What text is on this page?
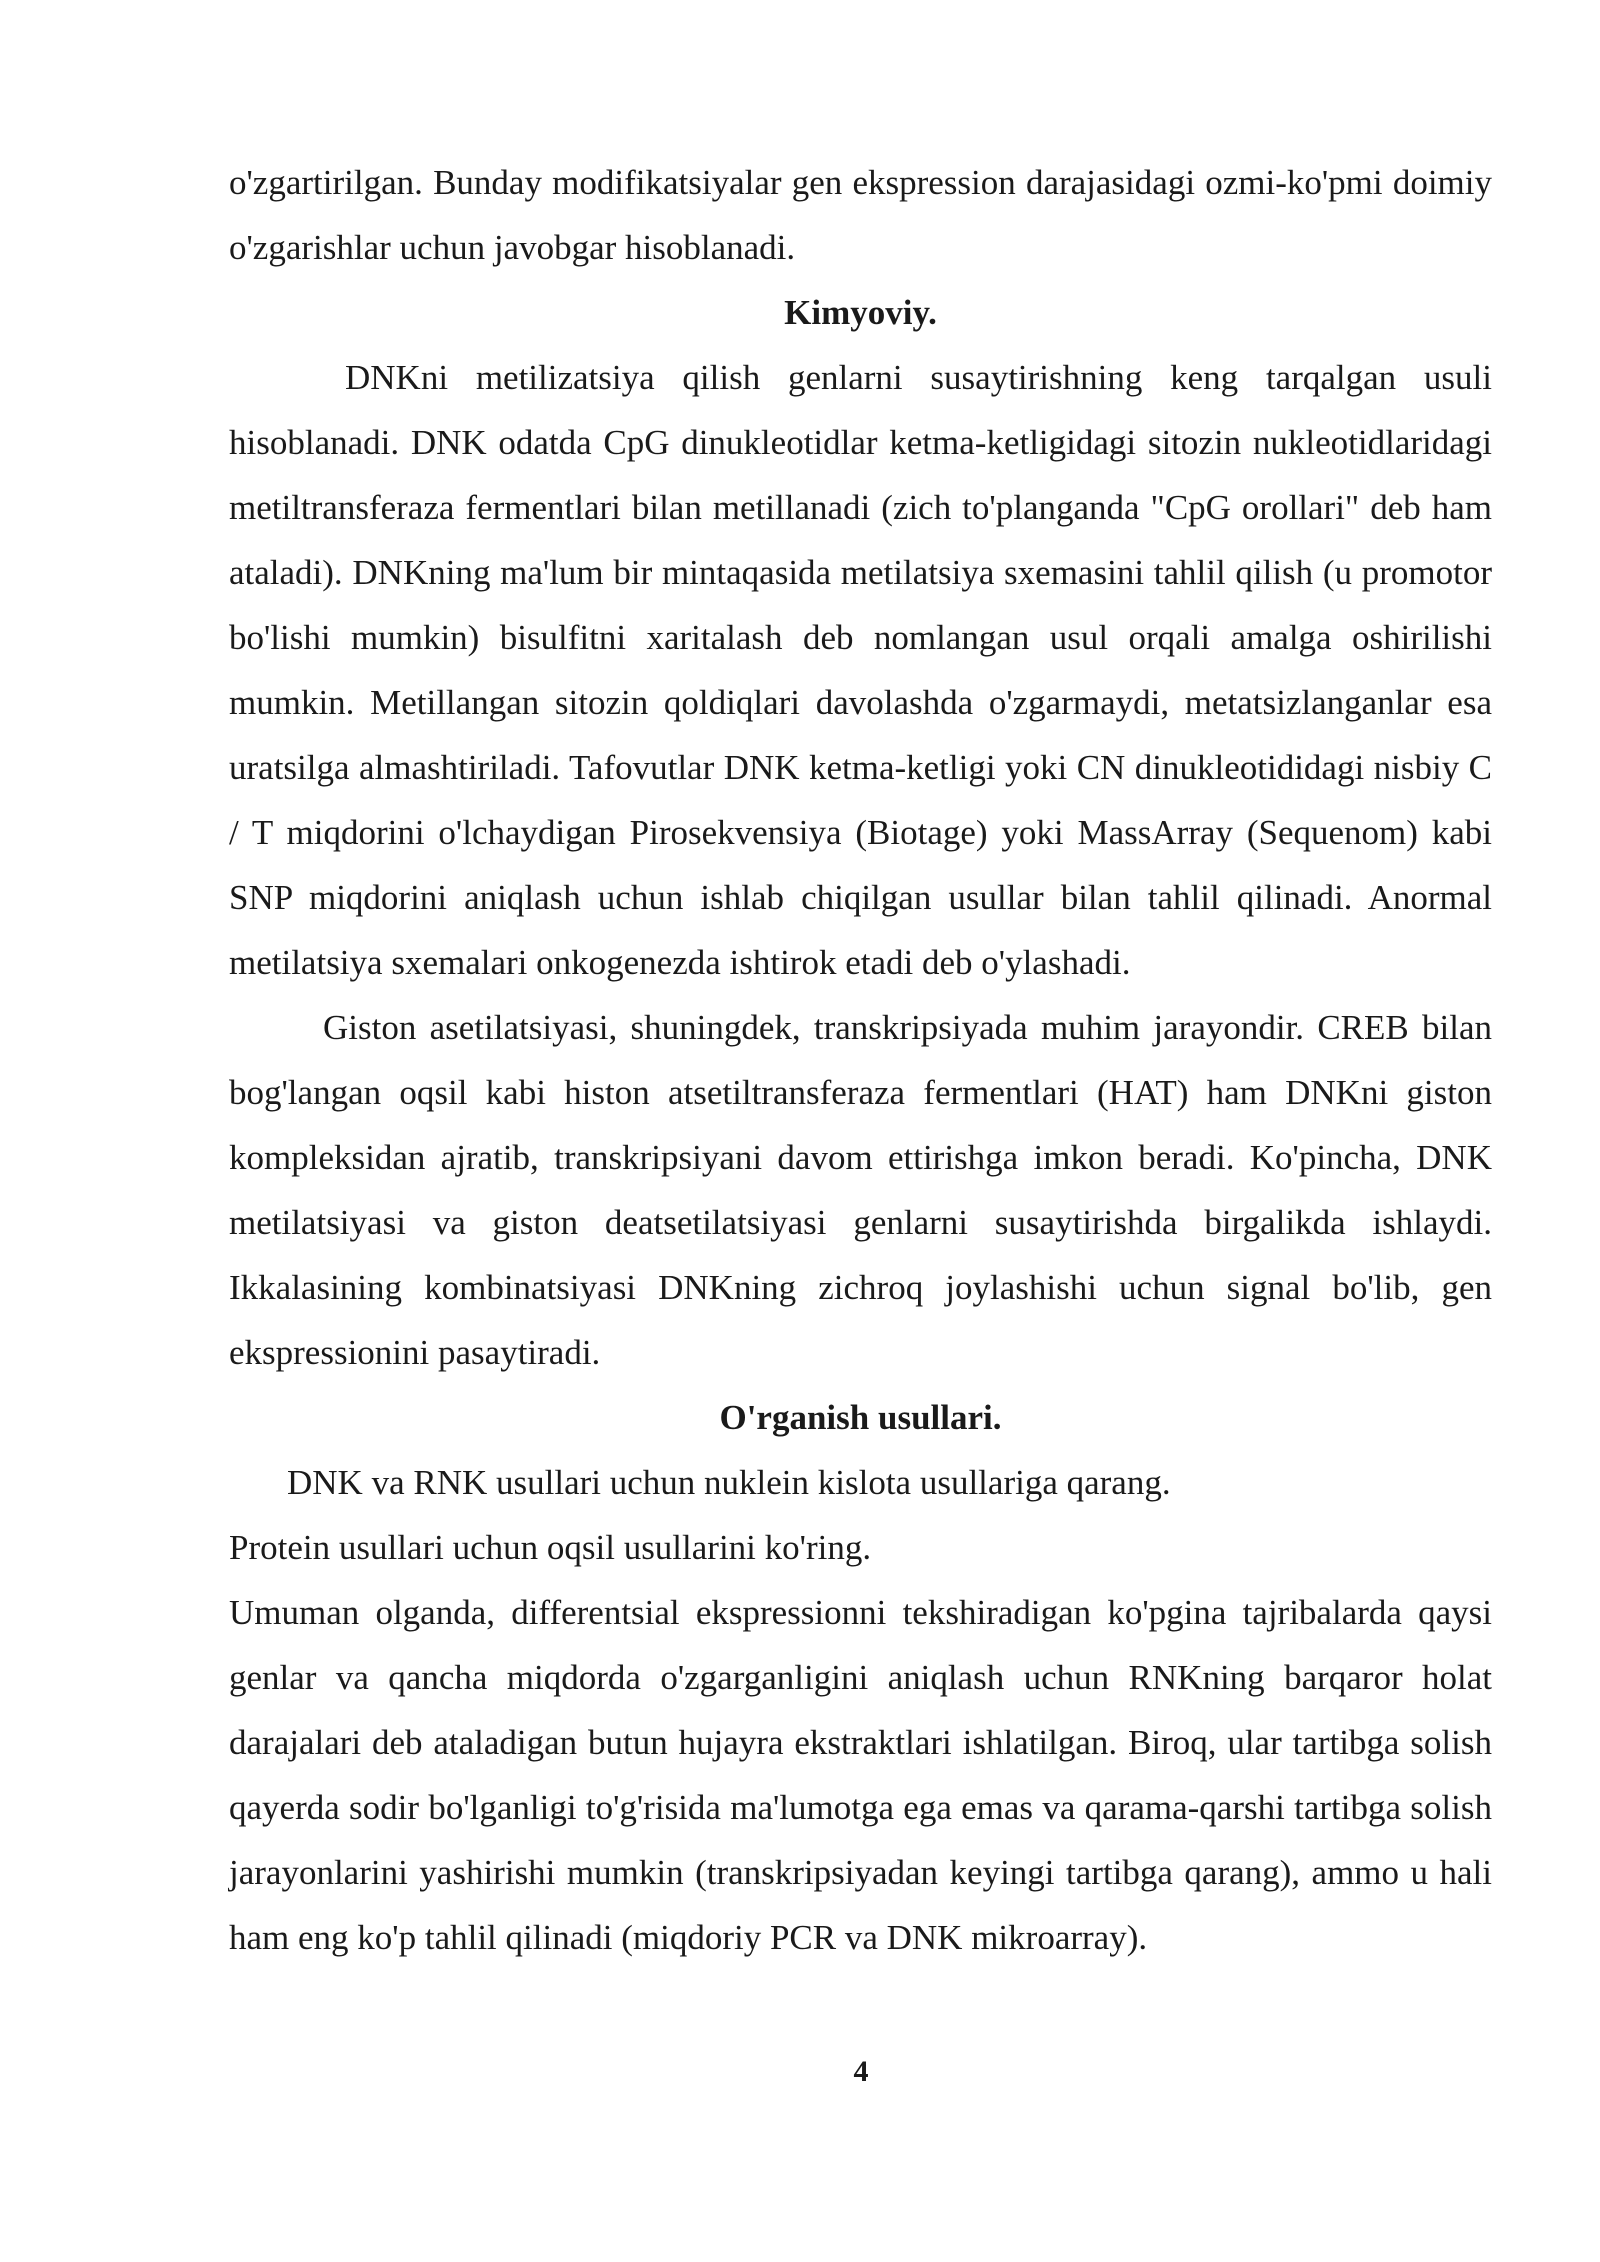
o'zgartirilgan. Bunday modifikatsiyalar gen ekspression darajasidagi ozmi-ko'pmi doimiy o'zgarishlar uchun javobgar hisoblanadi.

Kimyoviy.

DNKni metilizatsiya qilish genlarni susaytirishning keng tarqalgan usuli hisoblanadi. DNK odatda CpG dinukleotidlar ketma-ketligidagi sitozin nukleotidlaridagi metiltransferaza fermentlari bilan metillanadi (zich to'planganda "CpG orollari" deb ham ataladi). DNKning ma'lum bir mintaqasida metilatsiya sxemasini tahlil qilish (u promotor bo'lishi mumkin) bisulfitni xaritalash deb nomlangan usul orqali amalga oshirilishi mumkin. Metillangan sitozin qoldiqlari davolashda o'zgarmaydi, metatsizlanganlar esa uratsilga almashtiriladi. Tafovutlar DNK ketma-ketligi yoki CN dinukleotididagi nisbiy C / T miqdorini o'lchaydigan Pirosekvensiya (Biotage) yoki MassArray (Sequenom) kabi SNP miqdorini aniqlash uchun ishlab chiqilgan usullar bilan tahlil qilinadi. Anormal metilatsiya sxemalari onkogenezda ishtirok etadi deb o'ylashadi.

Giston asetilatsiyasi, shuningdek, transkripsiyada muhim jarayondir. CREB bilan bog'langan oqsil kabi histon atsetiltransferaza fermentlari (HAT) ham DNKni giston kompleksidan ajratib, transkripsiyani davom ettirishga imkon beradi. Ko'pincha, DNK metilatsiyasi va giston deatsetilatsiyasi genlarni susaytirishda birgalikda ishlaydi. Ikkalasining kombinatsiyasi DNKning zichroq joylashishi uchun signal bo'lib, gen ekspressionini pasaytiradi.

O'rganish usullari.

DNK va RNK usullari uchun nuklein kislota usullariga qarang.

Protein usullari uchun oqsil usullarini ko'ring.

Umuman olganda, differentsial ekspressionni tekshiradigan ko'pgina tajribalarda qaysi genlar va qancha miqdorda o'zgarganligini aniqlash uchun RNKning barqaror holat darajalari deb ataladigan butun hujayra ekstraktlari ishlatilgan. Biroq, ular tartibga solish qayerda sodir bo'lganligi to'g'risida ma'lumotga ega emas va qarama-qarshi tartibga solish jarayonlarini yashirishi mumkin (transkripsiyadan keyingi tartibga qarang), ammo u hali ham eng ko'p tahlil qilinadi (miqdoriy PCR va DNK mikroarray).

4
